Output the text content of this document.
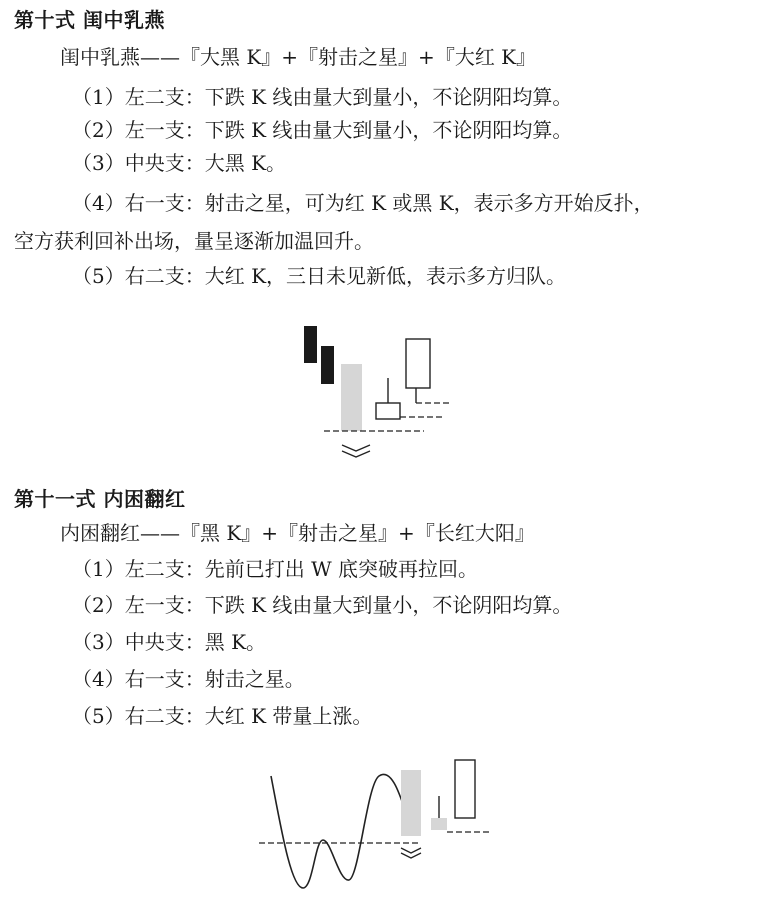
第十式 闺中乳燕

闺中乳燕——『大黑 K』+『射击之星』+『大红 K』

（1）左二支：下跌 K 线由量大到量小，不论阴阳均算。

（2）左一支：下跌 K 线由量大到量小，不论阴阳均算。

（3）中央支：大黑 K。

（4）右一支：射击之星，可为红 K 或黑 K，表示多方开始反扑，

空方获利回补出场，量呈逐渐加温回升。

（5）右二支：大红 K，三日未见新低，表示多方归队。

第十一式 内困翻红

内困翻红——『黑 K』+『射击之星』+『长红大阳』

（1）左二支：先前已打出 W 底突破再拉回。

（2）左一支：下跌 K 线由量大到量小，不论阴阳均算。

（3）中央支：黑 K。

（4）右一支：射击之星。

（5）右二支：大红 K 带量上涨。
